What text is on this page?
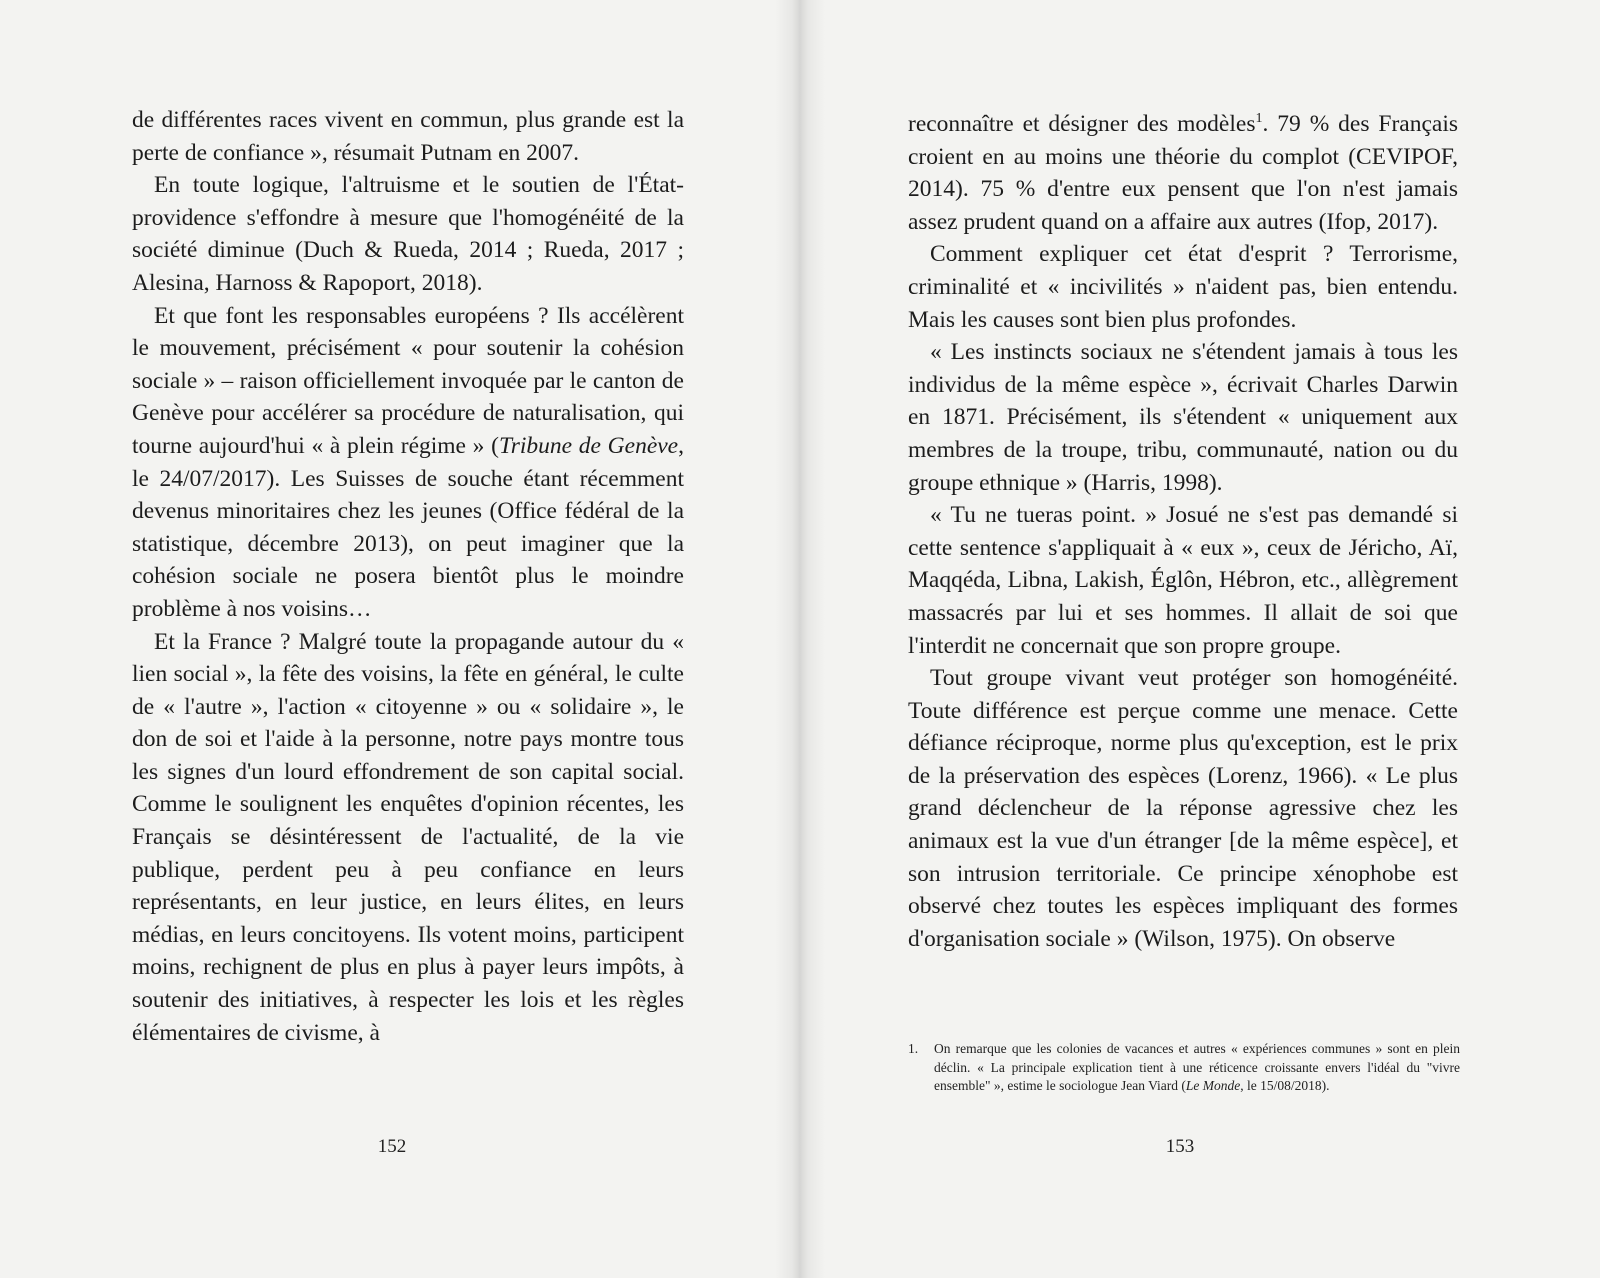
de différentes races vivent en commun, plus grande est la perte de confiance », résumait Putnam en 2007.

En toute logique, l'altruisme et le soutien de l'État-providence s'effondre à mesure que l'homogénéité de la société diminue (Duch & Rueda, 2014 ; Rueda, 2017 ; Alesina, Harnoss & Rapoport, 2018).

Et que font les responsables européens ? Ils accélèrent le mouvement, précisément « pour soutenir la cohésion sociale » – raison officiellement invoquée par le canton de Genève pour accélérer sa procédure de naturalisation, qui tourne aujourd'hui « à plein régime » (Tribune de Genève, le 24/07/2017). Les Suisses de souche étant récemment devenus minoritaires chez les jeunes (Office fédéral de la statistique, décembre 2013), on peut imaginer que la cohésion sociale ne posera bientôt plus le moindre problème à nos voisins…

Et la France ? Malgré toute la propagande autour du « lien social », la fête des voisins, la fête en général, le culte de « l'autre », l'action « citoyenne » ou « solidaire », le don de soi et l'aide à la personne, notre pays montre tous les signes d'un lourd effondrement de son capital social. Comme le soulignent les enquêtes d'opinion récentes, les Français se désintéressent de l'actualité, de la vie publique, perdent peu à peu confiance en leurs représentants, en leur justice, en leurs élites, en leurs médias, en leurs concitoyens. Ils votent moins, participent moins, rechignent de plus en plus à payer leurs impôts, à soutenir des initiatives, à respecter les lois et les règles élémentaires de civisme, à

152

reconnaître et désigner des modèles$^1$. 79 % des Français croient en au moins une théorie du complot (CEVIPOF, 2014). 75 % d'entre eux pensent que l'on n'est jamais assez prudent quand on a affaire aux autres (Ifop, 2017).

Comment expliquer cet état d'esprit ? Terrorisme, criminalité et « incivilités » n'aident pas, bien entendu. Mais les causes sont bien plus profondes.

« Les instincts sociaux ne s'étendent jamais à tous les individus de la même espèce », écrivait Charles Darwin en 1871. Précisément, ils s'étendent « uniquement aux membres de la troupe, tribu, communauté, nation ou du groupe ethnique » (Harris, 1998).

« Tu ne tueras point. » Josué ne s'est pas demandé si cette sentence s'appliquait à « eux », ceux de Jéricho, Aï, Maqqéda, Libna, Lakish, Églôn, Hébron, etc., allègrement massacrés par lui et ses hommes. Il allait de soi que l'interdit ne concernait que son propre groupe.

Tout groupe vivant veut protéger son homogénéité. Toute différence est perçue comme une menace. Cette défiance réciproque, norme plus qu'exception, est le prix de la préservation des espèces (Lorenz, 1966). « Le plus grand déclencheur de la réponse agressive chez les animaux est la vue d'un étranger [de la même espèce], et son intrusion territoriale. Ce principe xénophobe est observé chez toutes les espèces impliquant des formes d'organisation sociale » (Wilson, 1975). On observe

1. On remarque que les colonies de vacances et autres « expériences communes » sont en plein déclin. « La principale explication tient à une réticence croissante envers l'idéal du "vivre ensemble" », estime le sociologue Jean Viard (Le Monde, le 15/08/2018).
153
